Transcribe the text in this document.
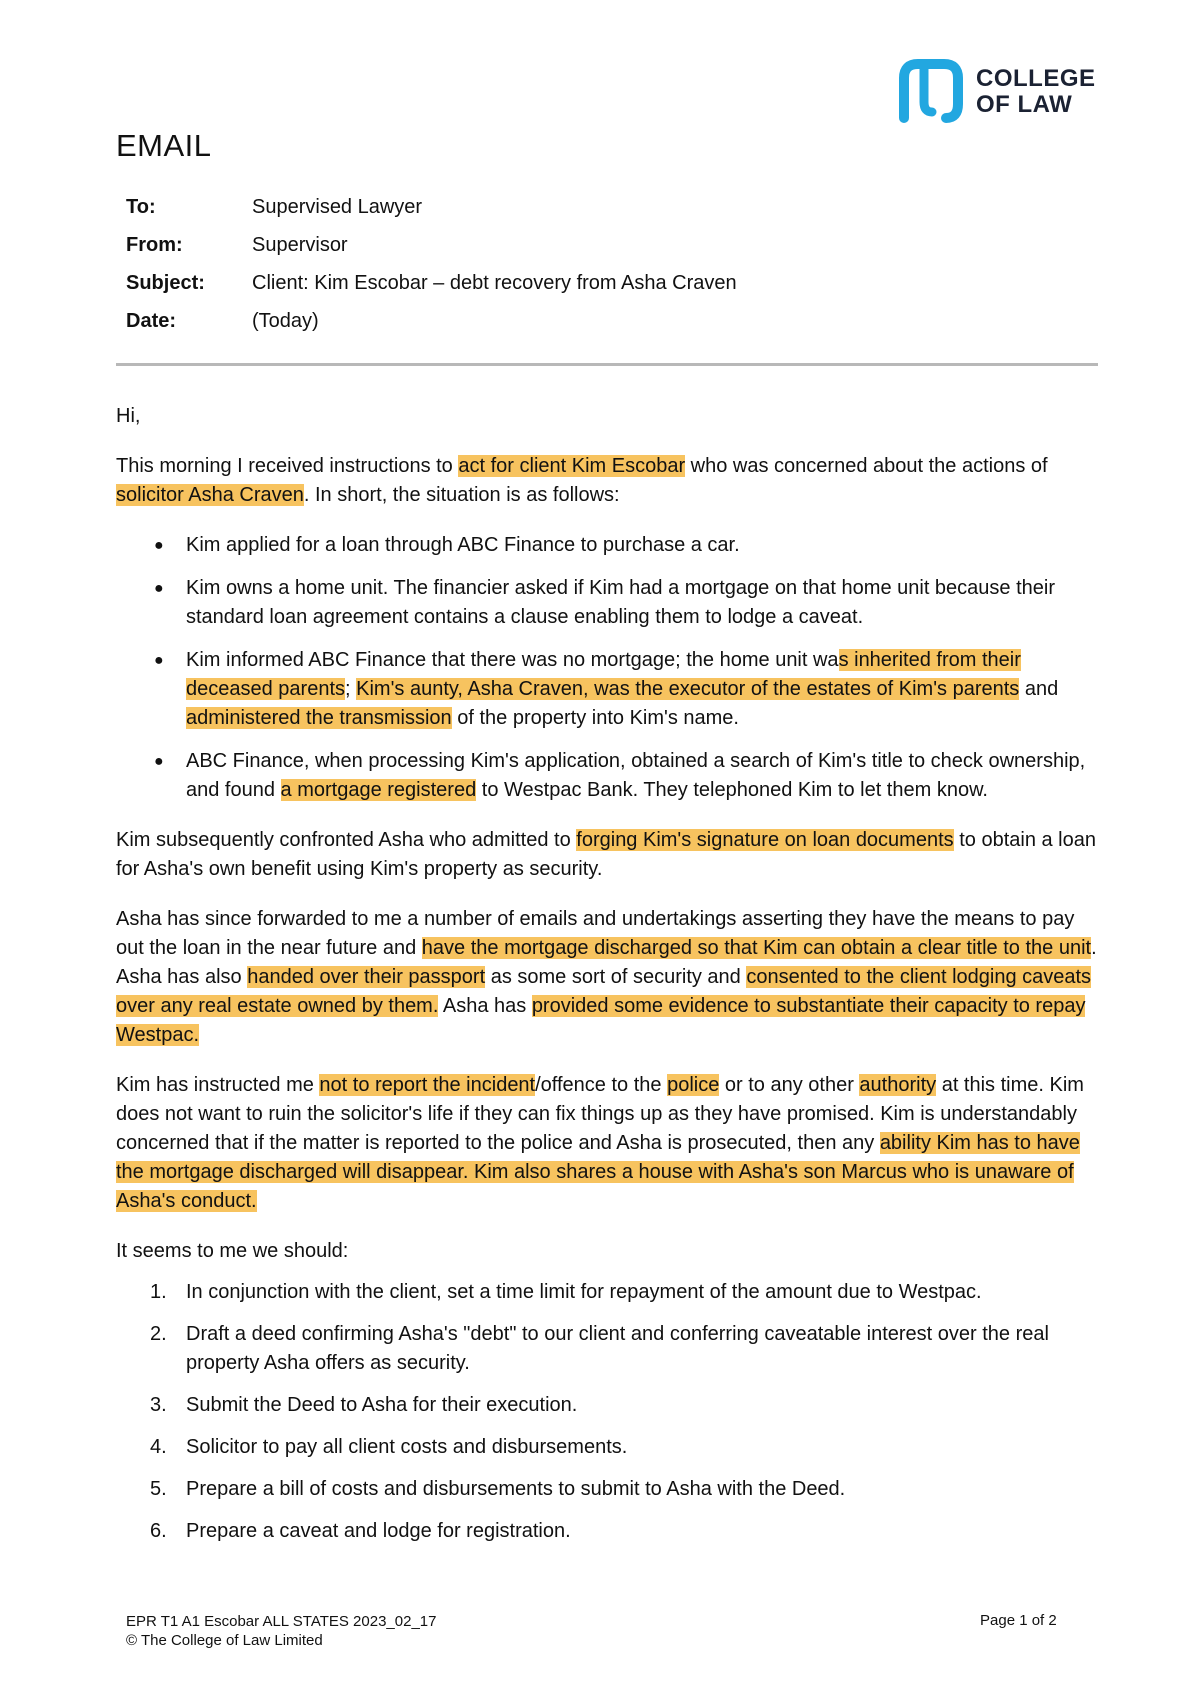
COLLEGE
OF LAW
EMAIL
To:	Supervised Lawyer
From:	Supervisor
Subject: Client: Kim Escobar – debt recovery from Asha Craven
Date:	(Today)

Hi,

This morning I received instructions to act for client Kim Escobar who was concerned about the actions of solicitor Asha Craven. In short, the situation is as follows:

● Kim applied for a loan through ABC Finance to purchase a car.
● Kim owns a home unit. The financier asked if Kim had a mortgage on that home unit because their standard loan agreement contains a clause enabling them to lodge a caveat.
● Kim informed ABC Finance that there was no mortgage; the home unit was inherited from their deceased parents; Kim's aunty, Asha Craven, was the executor of the estates of Kim's parents and administered the transmission of the property into Kim's name.
● ABC Finance, when processing Kim's application, obtained a search of Kim's title to check ownership, and found a mortgage registered to Westpac Bank. They telephoned Kim to let them know.

Kim subsequently confronted Asha who admitted to forging Kim's signature on loan documents to obtain a loan for Asha's own benefit using Kim's property as security.

Asha has since forwarded to me a number of emails and undertakings asserting they have the means to pay out the loan in the near future and have the mortgage discharged so that Kim can obtain a clear title to the unit. Asha has also handed over their passport as some sort of security and consented to the client lodging caveats over any real estate owned by them. Asha has provided some evidence to substantiate their capacity to repay Westpac.

Kim has instructed me not to report the incident/offence to the police or to any other authority at this time. Kim does not want to ruin the solicitor's life if they can fix things up as they have promised. Kim is understandably concerned that if the matter is reported to the police and Asha is prosecuted, then any ability Kim has to have the mortgage discharged will disappear. Kim also shares a house with Asha's son Marcus who is unaware of Asha's conduct.

It seems to me we should:

1. In conjunction with the client, set a time limit for repayment of the amount due to Westpac.
2. Draft a deed confirming Asha's "debt" to our client and conferring caveatable interest over the real property Asha offers as security.
3. Submit the Deed to Asha for their execution.
4. Solicitor to pay all client costs and disbursements.
5. Prepare a bill of costs and disbursements to submit to Asha with the Deed.
6. Prepare a caveat and lodge for registration.
EPR T1 A1 Escobar ALL STATES 2023_02_17
© The College of Law Limited
Page 1 of 2
